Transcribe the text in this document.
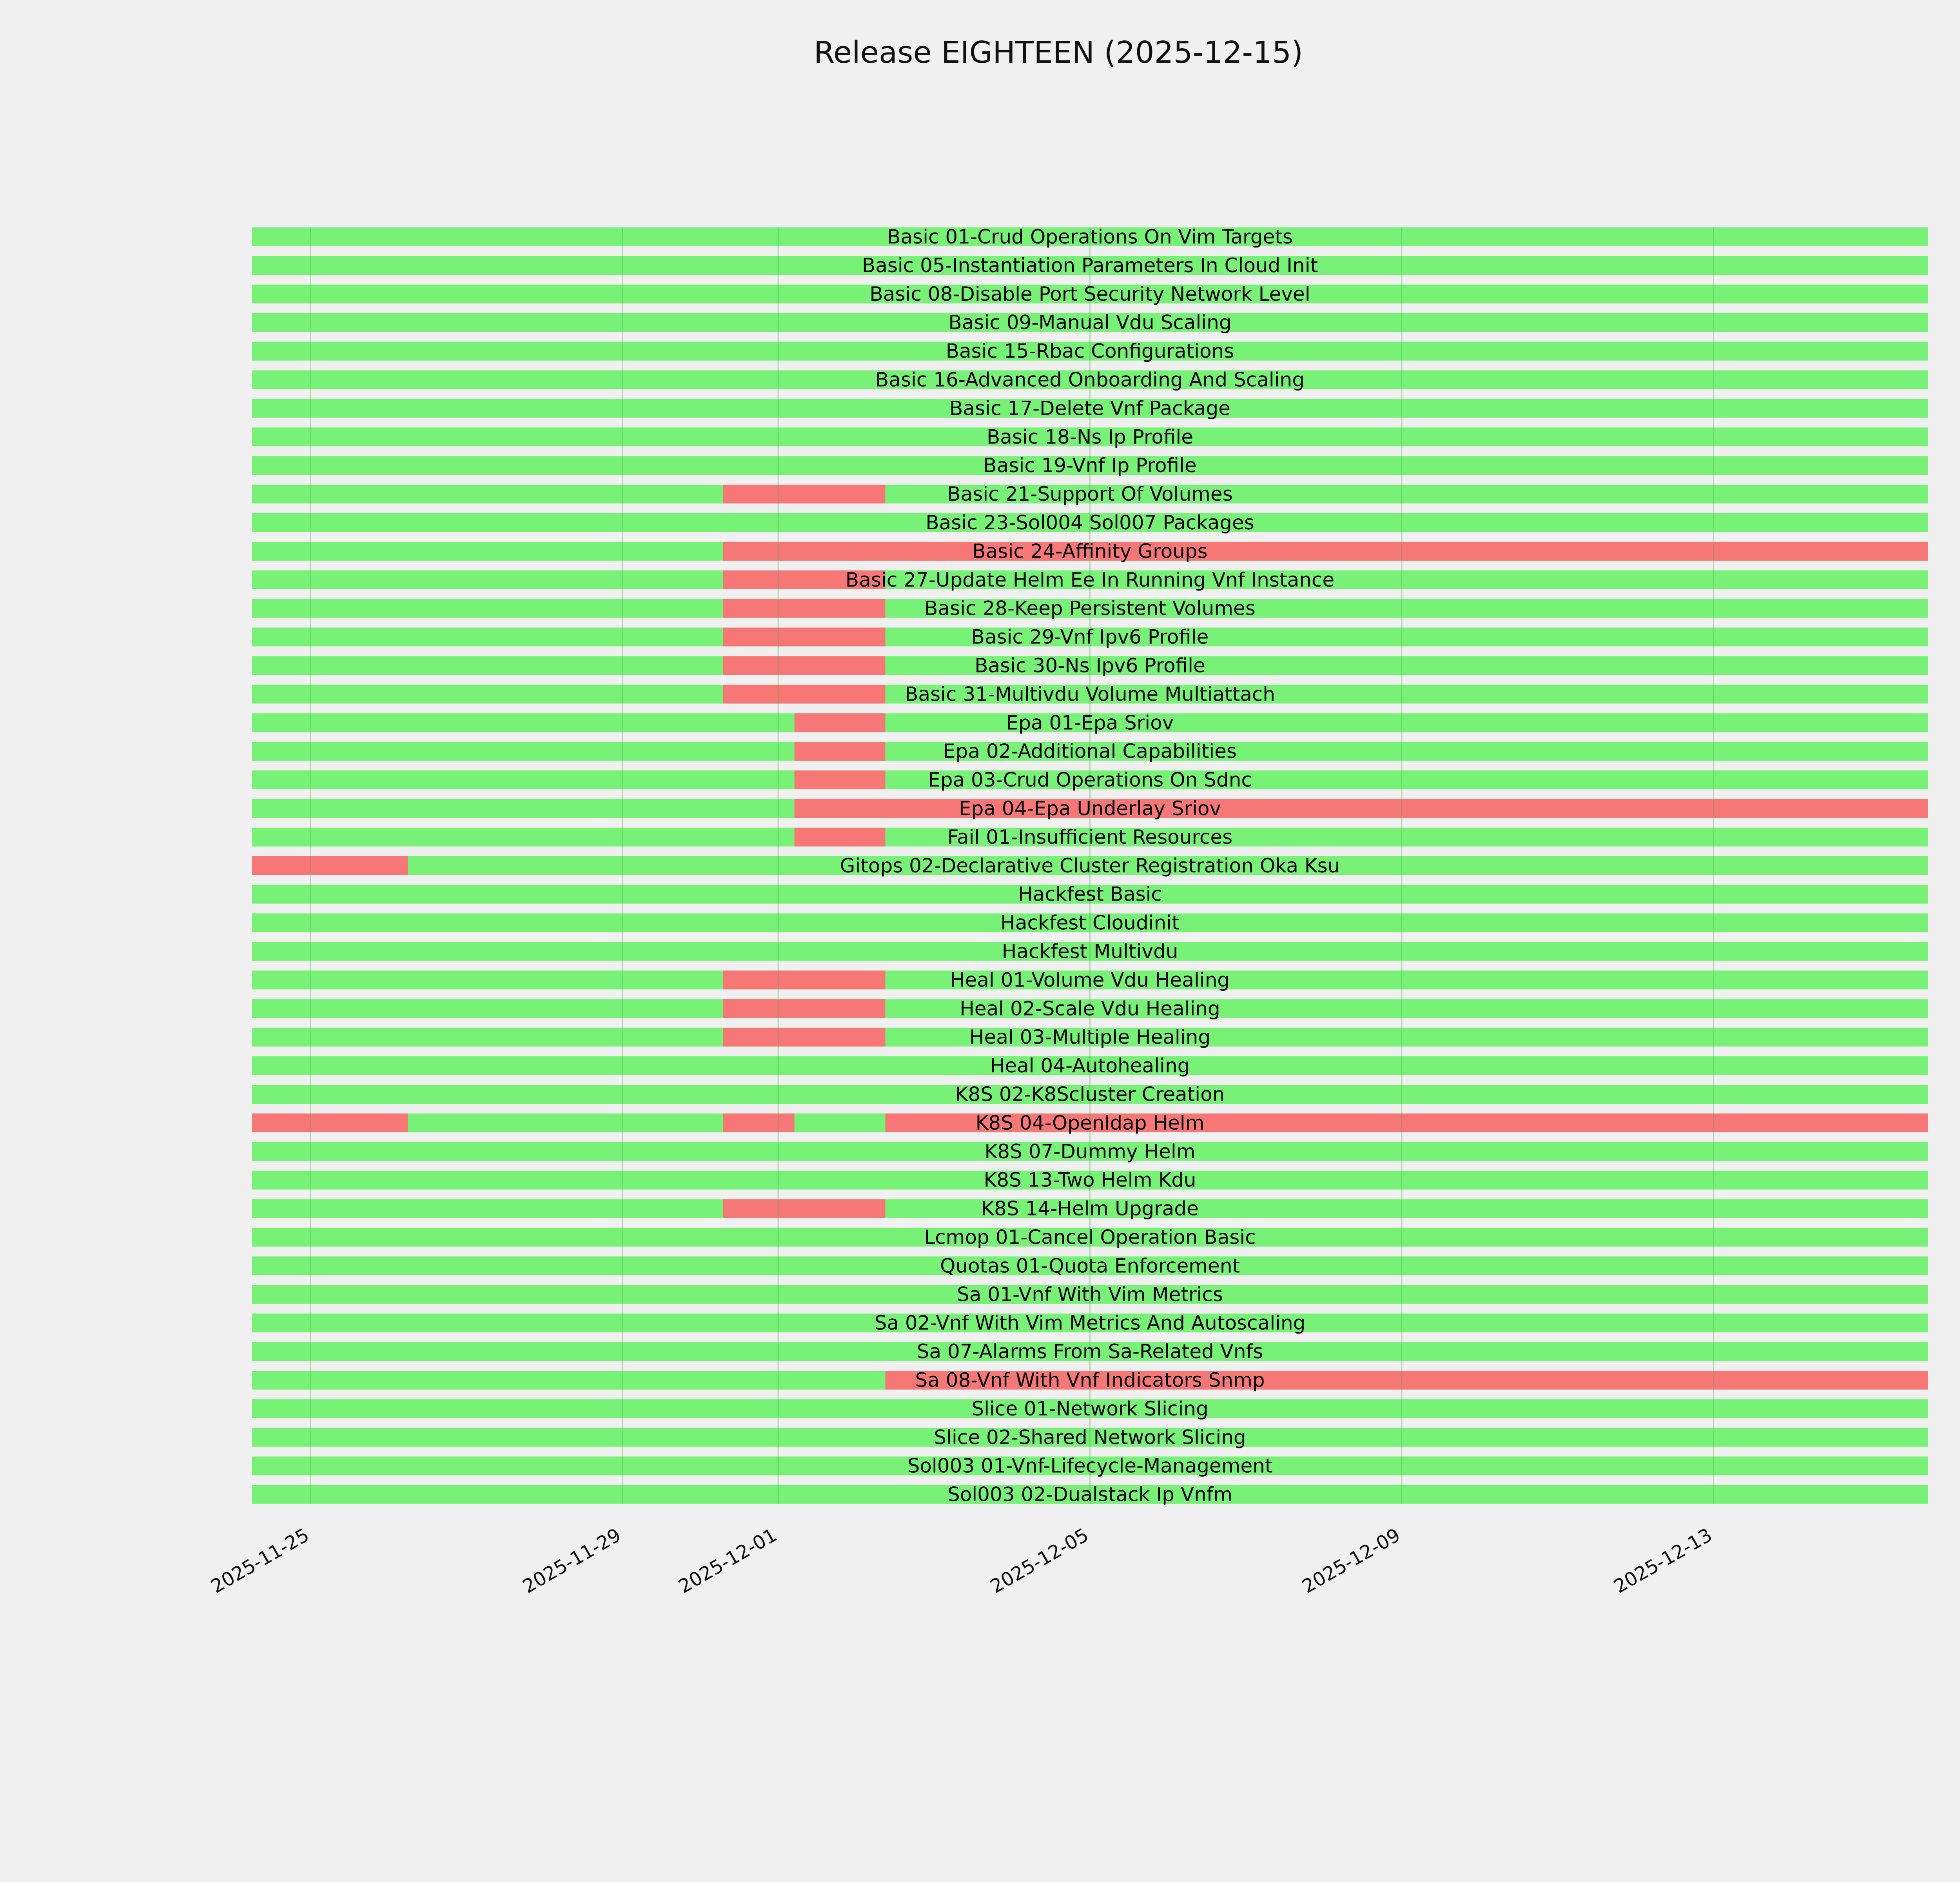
Release EIGHTEEN (2025-12-15)
Basic 01-Crud Operations On Vim Targets
Basic 05-Instantiation Parameters In Cloud Init
Basic 08-Disable Port Security Network Level
Basic 09-Manual Vdu Scaling
Basic 15-Rbac Configurations
Basic 16-Advanced Onboarding And Scaling
Basic 17-Delete Vnf Package
Basic 18-Ns Ip Profile
Basic 19-Vnf Ip Profile
Basic 21-Support Of Volumes
Basic 23-Sol004 Sol007 Packages
Basic 24-Affinity Groups
Basic 27-Update Helm Ee In Running Vnf Instance
Basic 28-Keep Persistent Volumes
Basic 29-Vnf Ipv6 Profile
Basic 30-Ns Ipv6 Profile
Basic 31-Multivdu Volume Multiattach
Epa 01-Epa Sriov
Epa 02-Additional Capabilities
Epa 03-Crud Operations On Sdnc
Epa 04-Epa Underlay Sriov
Fail 01-Insufficient Resources
Gitops 02-Declarative Cluster Registration Oka Ksu
Hackfest Basic
Hackfest Cloudinit
Hackfest Multivdu
Heal 01-Volume Vdu Healing
Heal 02-Scale Vdu Healing
Heal 03-Multiple Healing
Heal 04-Autohealing
K8S 02-K8Scluster Creation
K8S 04-Openldap Helm
K8S 07-Dummy Helm
K8S 13-Two Helm Kdu
K8S 14-Helm Upgrade
Lcmop 01-Cancel Operation Basic
Quotas 01-Quota Enforcement
Sa 01-Vnf With Vim Metrics
Sa 02-Vnf With Vim Metrics And Autoscaling
Sa 07-Alarms From Sa-Related Vnfs
Sa 08-Vnf With Vnf Indicators Snmp
Slice 01-Network Slicing
Slice 02-Shared Network Slicing
Sol003 01-Vnf-Lifecycle-Management
Sol003 02-Dualstack Ip Vnfm
2025-11-25	2025-11-29	2025-12-01	2025-12-05	2025-12-09	2025-12-13
